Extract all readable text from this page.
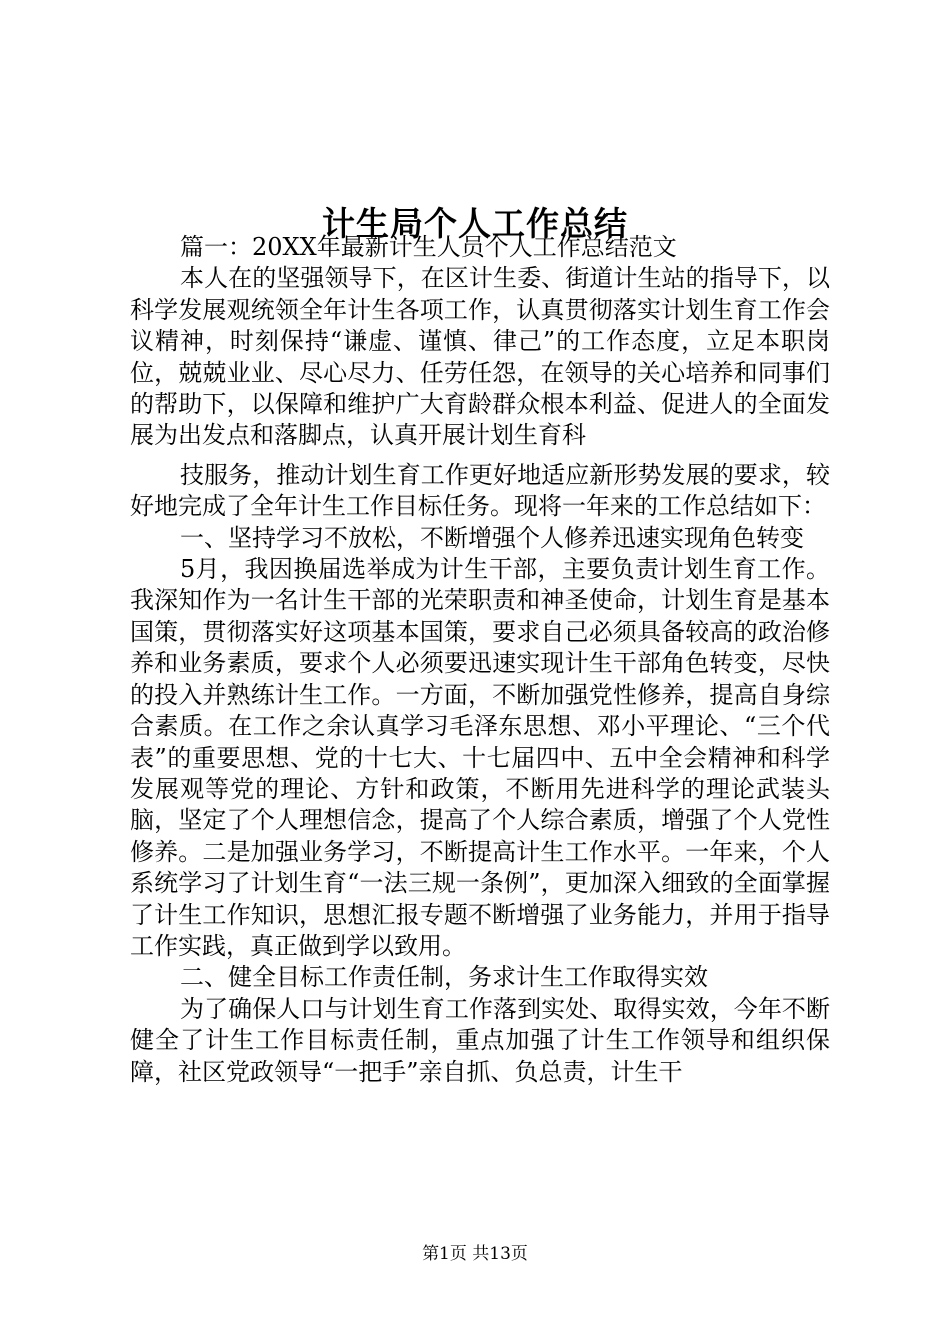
计生局个人工作总结

篇一：20XX年最新计生人员个人工作总结范文

本人在的坚强领导下，在区计生委、街道计生站的指导下，以科学发展观统领全年计生各项工作，认真贯彻落实计划生育工作会议精神，时刻保持“谦虚、谨慎、律己”的工作态度，立足本职岗位，兢兢业业、尽心尽力、任劳任怨，在领导的关心培养和同事们的帮助下，以保障和维护广大育龄群众根本利益、促进人的全面发展为出发点和落脚点，认真开展计划生育科

技服务，推动计划生育工作更好地适应新形势发展的要求，较好地完成了全年计生工作目标任务。现将一年来的工作总结如下：

一、坚持学习不放松，不断增强个人修养迅速实现角色转变

5月，我因换届选举成为计生干部，主要负责计划生育工作。我深知作为一名计生干部的光荣职责和神圣使命，计划生育是基本国策，贯彻落实好这项基本国策，要求自己必须具备较高的政治修养和业务素质，要求个人必须要迅速实现计生干部角色转变，尽快的投入并熟练计生工作。一方面，不断加强党性修养，提高自身综合素质。在工作之余认真学习毛泽东思想、邓小平理论、“三个代表”的重要思想、党的十七大、十七届四中、五中全会精神和科学发展观等党的理论、方针和政策，不断用先进科学的理论武装头脑，坚定了个人理想信念，提高了个人综合素质，增强了个人党性修养。二是加强业务学习，不断提高计生工作水平。一年来，个人系统学习了计划生育“一法三规一条例”，更加深入细致的全面掌握了计生工作知识，思想汇报专题不断增强了业务能力，并用于指导工作实践，真正做到学以致用。

二、健全目标工作责任制，务求计生工作取得实效

为了确保人口与计划生育工作落到实处、取得实效，今年不断健全了计生工作目标责任制，重点加强了计生工作领导和组织保障，社区党政领导“一把手”亲自抓、负总责，计生干

第1页 共13页
